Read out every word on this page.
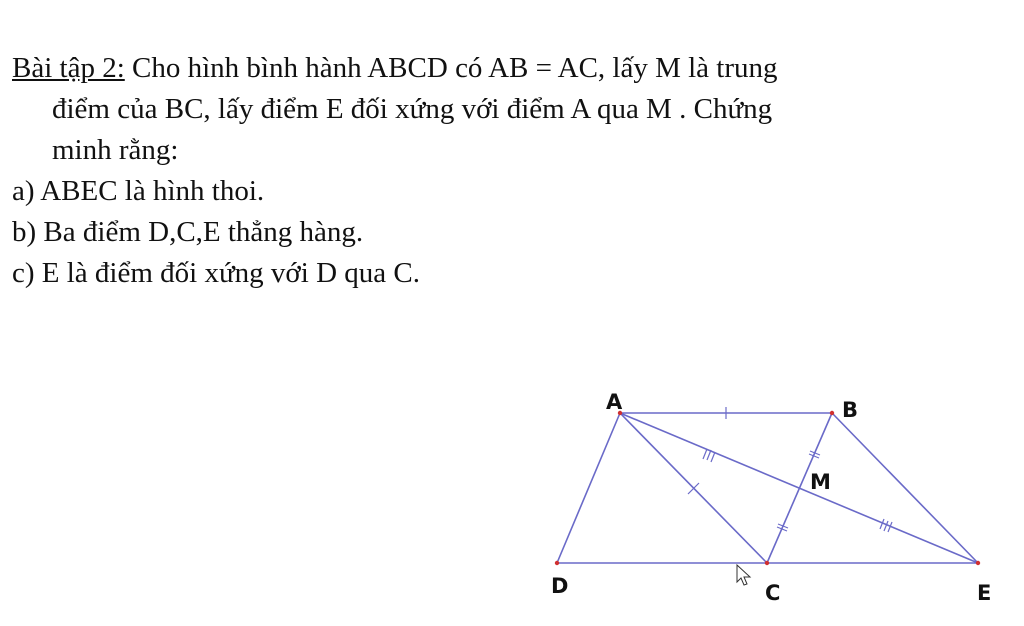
Bài tập 2: Cho hình bình hành ABCD có AB = AC, lấy M là trung
điểm của BC, lấy điểm E đối xứng với điểm A qua M . Chứng
minh rằng:
a) ABEC là hình thoi.
b) Ba điểm D,C,E thẳng hàng.
c) E là điểm đối xứng với D qua C.
A	B
M
D	C	E
